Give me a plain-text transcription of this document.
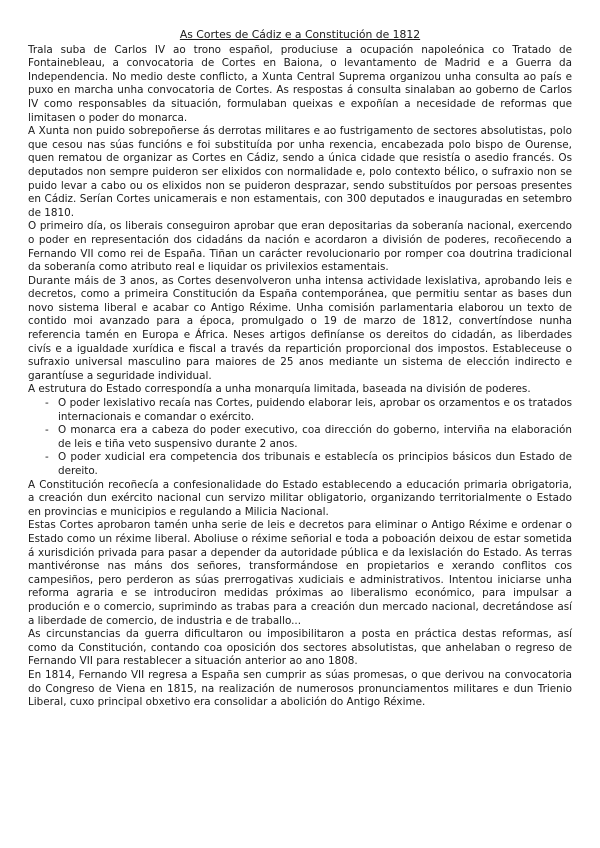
As Cortes de Cádiz e a Constitución de 1812

Trala suba de Carlos IV ao trono español, produciuse a ocupación napoleónica co Tratado de Fontainebleau, a convocatoria de Cortes en Baiona, o levantamento de Madrid e a Guerra da Independencia. No medio deste conflicto, a Xunta Central Suprema organizou unha consulta ao país e puxo en marcha unha convocatoria de Cortes. As respostas á consulta sinalaban ao goberno de Carlos IV como responsables da situación, formulaban queixas e expoñían a necesidade de reformas que limitasen o poder do monarca.

A Xunta non puido sobrepoñerse ás derrotas militares e ao fustrigamento de sectores absolutistas, polo que cesou nas súas funcións e foi substituída por unha rexencia, encabezada polo bispo de Ourense, quen rematou de organizar as Cortes en Cádiz, sendo a única cidade que resistía o asedio francés. Os deputados non sempre puideron ser elixidos con normalidade e, polo contexto bélico, o sufraxio non se puido levar a cabo ou os elixidos non se puideron desprazar, sendo substituídos por persoas presentes en Cádiz. Serían Cortes unicamerais e non estamentais, con 300 deputados e inauguradas en setembro de 1810.

O primeiro día, os liberais conseguiron aprobar que eran depositarias da soberanía nacional, exercendo o poder en representación dos cidadáns da nación e acordaron a división de poderes, recoñecendo a Fernando VII como rei de España. Tiñan un carácter revolucionario por romper coa doutrina tradicional da soberanía como atributo real e liquidar os privilexios estamentais.

Durante máis de 3 anos, as Cortes desenvolveron unha intensa actividade lexislativa, aprobando leis e decretos, como a primeira Constitución da España contemporánea, que permitiu sentar as bases dun novo sistema liberal e acabar co Antigo Réxime. Unha comisión parlamentaria elaborou un texto de contido moi avanzado para a época, promulgado o 19 de marzo de 1812, convertíndose nunha referencia tamén en Europa e África. Neses artigos definíanse os dereitos do cidadán, as liberdades civís e a igualdade xurídica e fiscal a través da repartición proporcional dos impostos. Estableceuse o sufraxio universal masculino para maiores de 25 anos mediante un sistema de elección indirecto e garantíuse a seguridade individual.

A estrutura do Estado correspondía a unha monarquía limitada, baseada na división de poderes.

- O poder lexislativo recaía nas Cortes, puidendo elaborar leis, aprobar os orzamentos e os tratados internacionais e comandar o exército.
- O monarca era a cabeza do poder executivo, coa dirección do goberno, interviña na elaboración de leis e tiña veto suspensivo durante 2 anos.
- O poder xudicial era competencia dos tribunais e establecía os principios básicos dun Estado de dereito.

A Constitución recoñecía a confesionalidade do Estado establecendo a educación primaria obrigatoria, a creación dun exército nacional cun servizo militar obligatorio, organizando territorialmente o Estado en provincias e municipios e regulando a Milicia Nacional.

Estas Cortes aprobaron tamén unha serie de leis e decretos para eliminar o Antigo Réxime e ordenar o Estado como un réxime liberal. Aboliuse o réxime señorial e toda a poboación deixou de estar sometida á xurisdición privada para pasar a depender da autoridade pública e da lexislación do Estado. As terras mantivéronse nas máns dos señores, transformándose en propietarios e xerando conflitos cos campesiños, pero perderon as súas prerrogativas xudiciais e administrativos. Intentou iniciarse unha reforma agraria e se introduciron medidas próximas ao liberalismo económico, para impulsar a produción e o comercio, suprimindo as trabas para a creación dun mercado nacional, decretándose así a liberdade de comercio, de industria e de traballo...

As circunstancias da guerra dificultaron ou imposibilitaron a posta en práctica destas reformas, así como da Constitución, contando coa oposición dos sectores absolutistas, que anhelaban o regreso de Fernando VII para restablecer a situación anterior ao ano 1808.

En 1814, Fernando VII regresa a España sen cumprir as súas promesas, o que derivou na convocatoria do Congreso de Viena en 1815, na realización de numerosos pronunciamentos militares e dun Trienio Liberal, cuxo principal obxetivo era consolidar a abolición do Antigo Réxime.
